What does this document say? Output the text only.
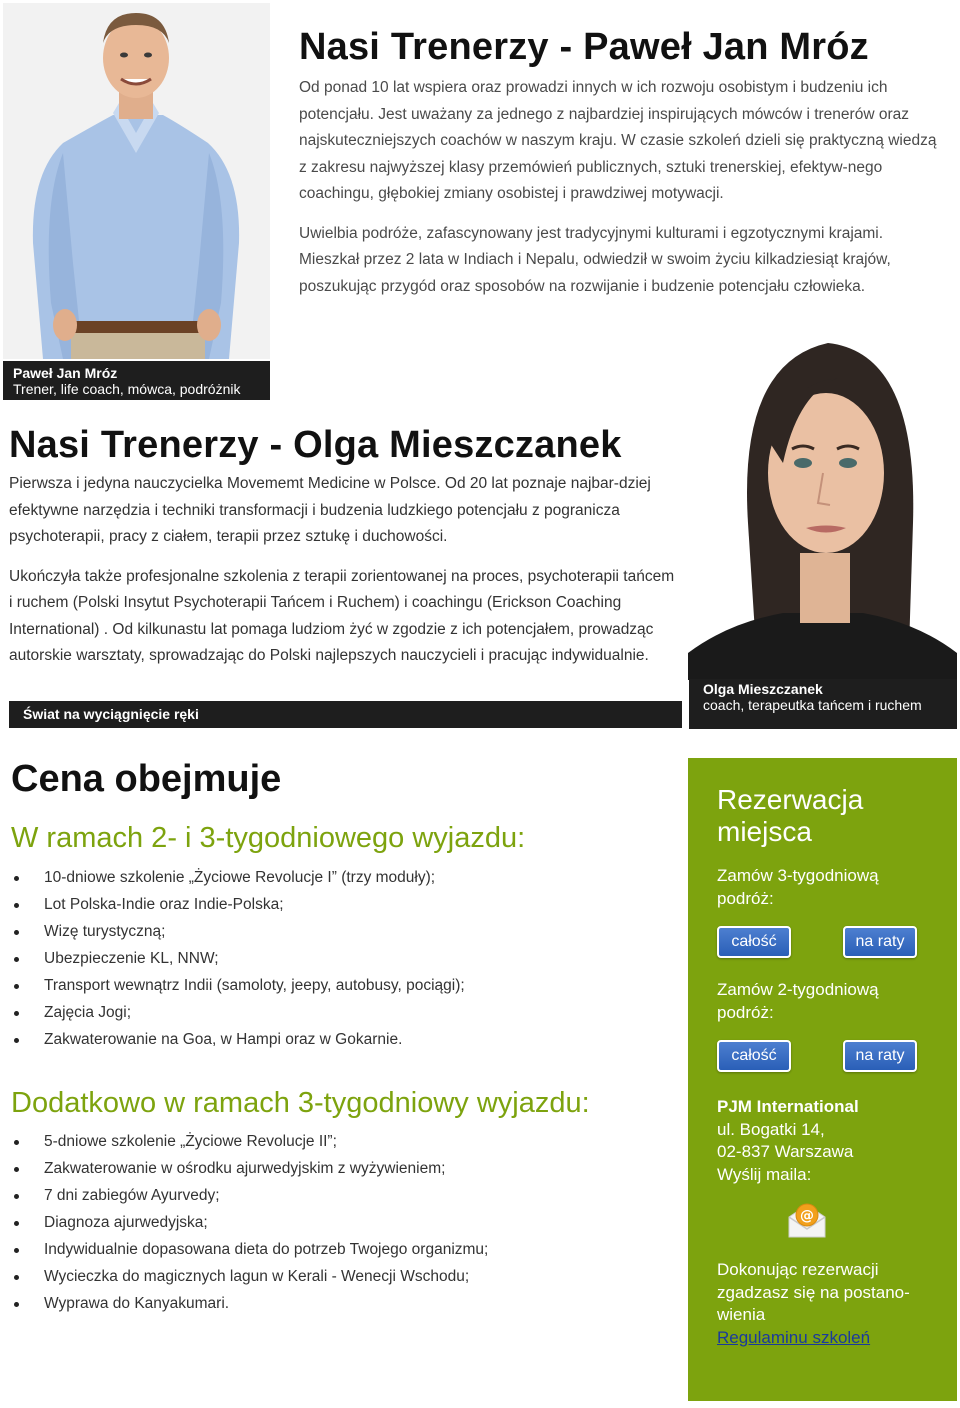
Nasi Trenerzy - Paweł Jan Mróz

Od ponad 10 lat wspiera oraz prowadzi innych w ich rozwoju osobistym i budzeniu ich potencjału. Jest uważany za jednego z najbardziej inspirujących mówców i trenerów oraz najskuteczniejszych coachów w naszym kraju. W czasie szkoleń dzieli się praktyczną wiedzą z zakresu najwyższej klasy przemówień publicznych, sztuki trenerskiej, efektyw-nego coachingu, głębokiej zmiany osobistej i prawdziwej motywacji.

Uwielbia podróże, zafascynowany jest tradycyjnymi kulturami i egzotycznymi krajami. Mieszkał przez 2 lata w Indiach i Nepalu, odwiedził w swoim życiu kilkadziesiąt krajów, poszukując przygód oraz sposobów na rozwijanie i budzenie potencjału człowieka.

Paweł Jan Mróz
Trener, life coach, mówca, podróżnik
Nasi Trenerzy - Olga Mieszczanek

Pierwsza i jedyna nauczycielka Movememt Medicine w Polsce. Od 20 lat poznaje najbar-dziej efektywne narzędzia i techniki transformacji i budzenia ludzkiego potencjału z pogranicza psychoterapii, pracy z ciałem, terapii przez sztukę i duchowości.

Ukończyła także profesjonalne szkolenia z terapii zorientowanej na proces, psychoterapii tańcem i ruchem (Polski Insytut Psychoterapii Tańcem i Ruchem) i coachingu (Erickson Coaching International) . Od kilkunastu lat pomaga ludziom żyć w zgodzie z ich potencjałem, prowadząc autorskie warsztaty, sprowadzając do Polski najlepszych nauczycieli i pracując indywidualnie.

Świat na wyciągnięcie ręki
Olga Mieszczanek
coach, terapeutka tańcem i ruchem
Cena obejmuje
W ramach 2- i 3-tygodniowego wyjazdu:
10-dniowe szkolenie „Życiowe Revolucje I” (trzy moduły);
Lot Polska-Indie oraz Indie-Polska;
Wizę turystyczną;
Ubezpieczenie KL, NNW;
Transport wewnątrz Indii (samoloty, jeepy, autobusy, pociągi);
Zajęcia Jogi;
Zakwaterowanie na Goa, w Hampi oraz w Gokarnie.
Dodatkowo w ramach 3-tygodniowy wyjazdu:
5-dniowe szkolenie „Życiowe Revolucje II”;
Zakwaterowanie w ośrodku ajurwedyjskim z wyżywieniem;
7 dni zabiegów Ayurvedy;
Diagnoza ajurwedyjska;
Indywidualnie dopasowana dieta do potrzeb Twojego organizmu;
Wycieczka do magicznych lagun w Kerali - Wenecji Wschodu;
Wyprawa do Kanyakumari.
Rezerwacja miejsca
Zamów 3-tygodniową podróż:
całość	na raty
Zamów 2-tygodniową podróż:
całość	na raty
PJM International
ul. Bogatki 14,
02-837 Warszawa
Wyślij maila:
@
Dokonując rezerwacji zgadzasz się na postano-wienia
Regulaminu szkoleń
